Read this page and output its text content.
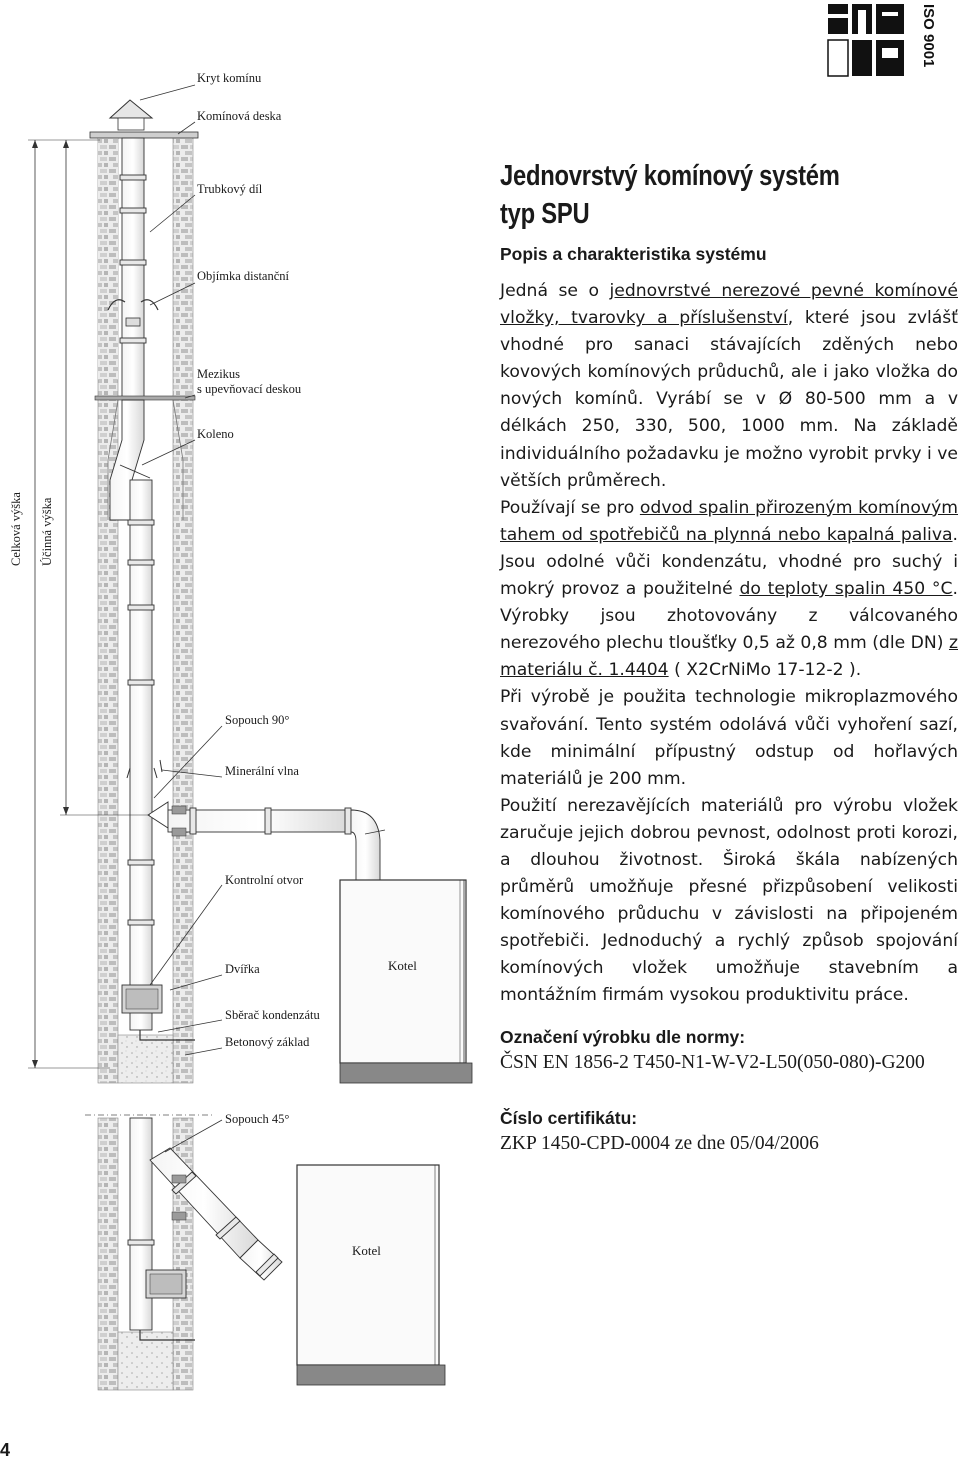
ISO 9001
Jednovrstvý komínový systém
typ SPU
Popis a charakteristika systému

Jedná se o jednovrstvé nerezové pevné komínové vložky, tvarovky a příslušenství, které jsou zvlášť vhodné pro sanaci stávajících zděných nebo kovových komínových průduchů, ale i jako vložka do nových komínů. Vyrábí se v Ø 80-500 mm a v délkách 250, 330, 500, 1000 mm. Na základě individuálního požadavku je možno vyrobit prvky i ve větších průměrech.

Používají se pro odvod spalin přirozeným komínovým tahem od spotřebičů na plynná nebo kapalná paliva. Jsou odolné vůči kondenzátu, vhodné pro suchý i mokrý provoz a použitelné do teploty spalin 450 °C. Výrobky jsou zhotovovány z válcovaného nerezového plechu tloušťky 0,5 až 0,8 mm (dle DN) z materiálu č. 1.4404 ( X2CrNiMo 17-12-2 ).

Při výrobě je použita technologie mikroplazmového svařování. Tento systém odolává vůči vyhoření sazí, kde minimální přípustný odstup od hořlavých materiálů je 200 mm.

Použití nerezavějících materiálů pro výrobu vložek zaručuje jejich dobrou pevnost, odolnost proti korozi, a dlouhou životnost. Široká škála nabízených průměrů umožňuje přesné přizpůsobení velikosti komínového průduchu v závislosti na připojeném spotřebiči. Jednoduchý a rychlý způsob spojování komínových vložek umožňuje stavebním a montážním firmám vysokou produktivitu práce.

Označení výrobku dle normy:
ČSN EN 1856-2 T450-N1-W-V2-L50(050-080)-G200
Číslo certifikátu:
ZKP 1450-CPD-0004 ze dne 05/04/2006
4
Kryt komínu
Komínová deska
Trubkový díl
Objímka distanční
Mezikus
s upevňovací deskou
Koleno
Sopouch 90°
Minerální vlna
Kontrolní otvor
Dvířka
Sběrač kondenzátu
Betonový základ
Kotel
Celková výška Účinná výška
Sopouch 45°
Kotel
